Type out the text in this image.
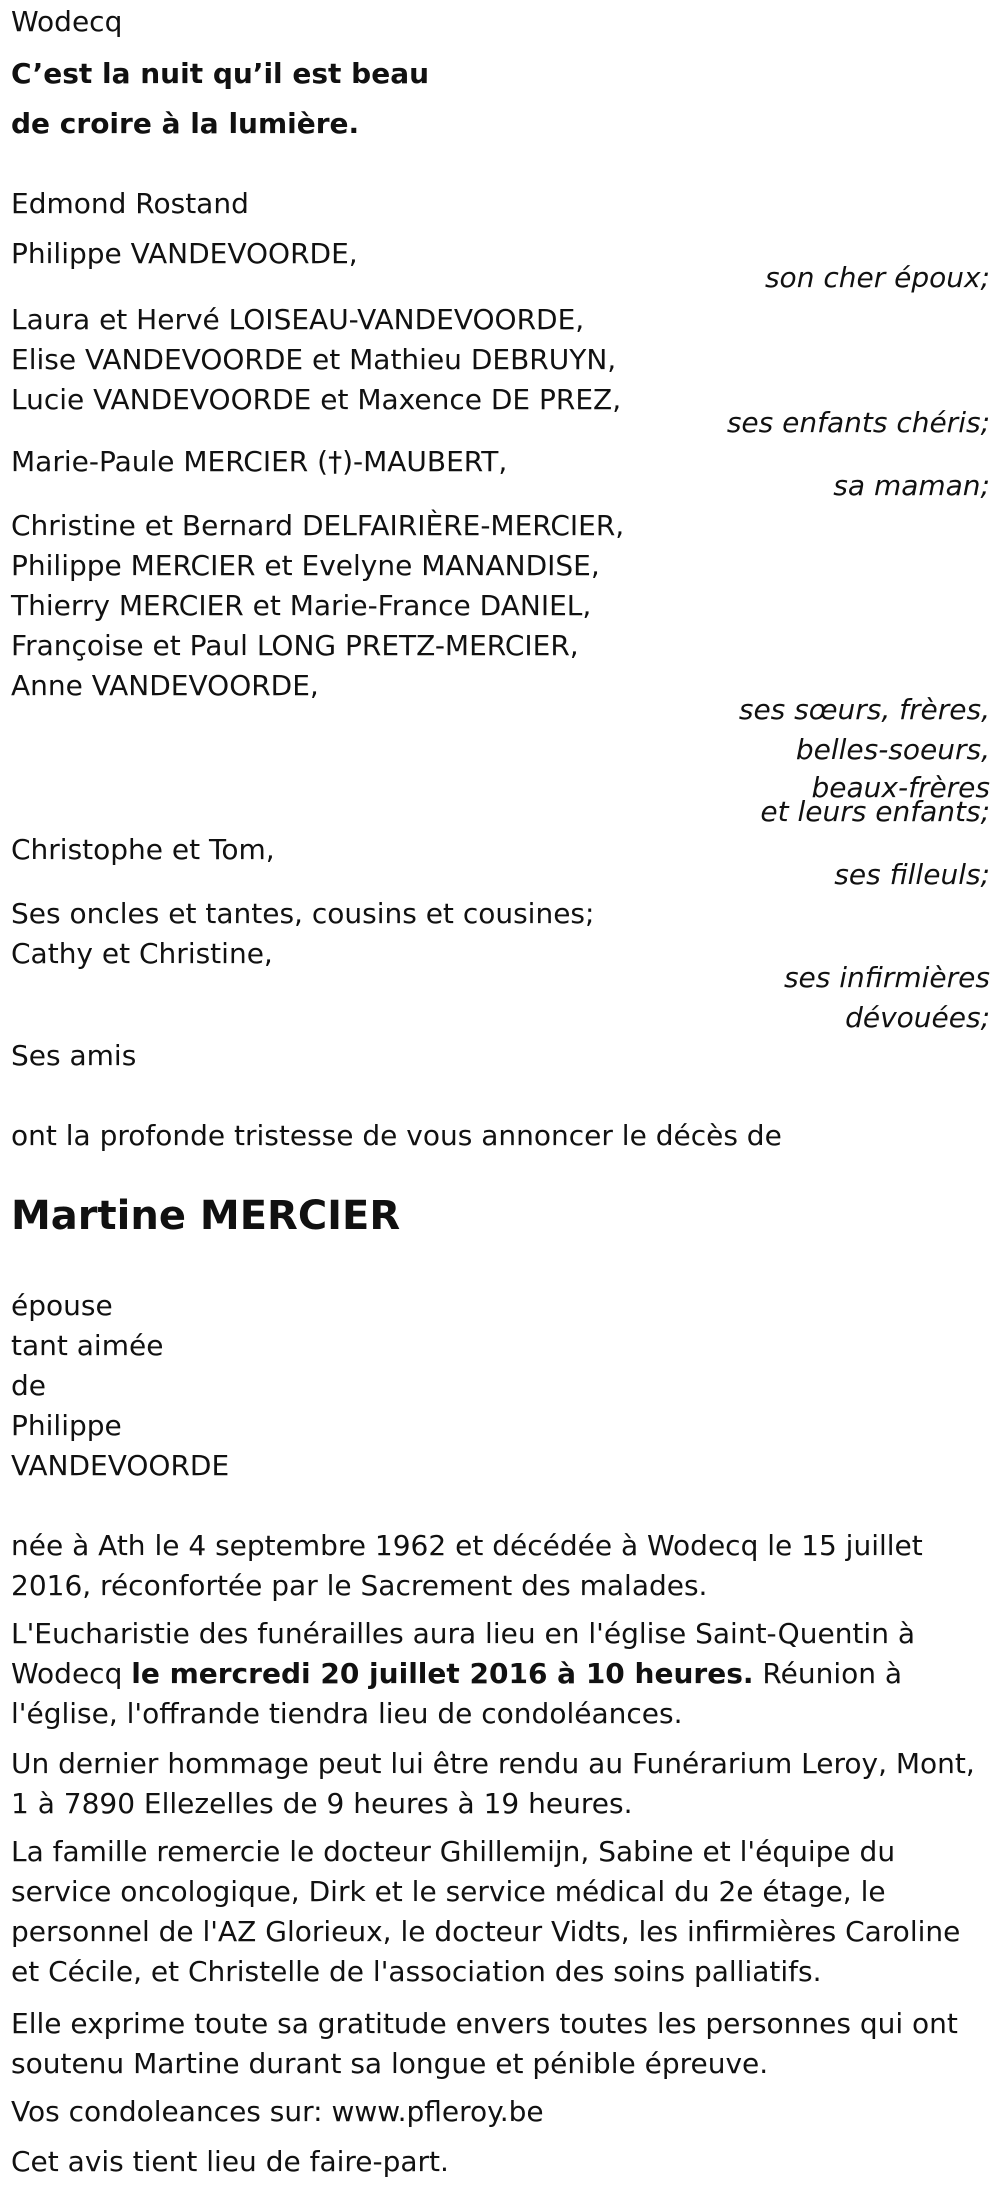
Wodecq
C’est la nuit qu’il est beau
de croire à la lumière.
Edmond Rostand
Philippe VANDEVOORDE,
son cher époux;
Laura et Hervé LOISEAU-VANDEVOORDE,
Elise VANDEVOORDE et Mathieu DEBRUYN,
Lucie VANDEVOORDE et Maxence DE PREZ,
ses enfants chéris;
Marie-Paule MERCIER (†)-MAUBERT,
sa maman;
Christine et Bernard DELFAIRIÈRE-MERCIER,
Philippe MERCIER et Evelyne MANANDISE,
Thierry MERCIER et Marie-France DANIEL,
Françoise et Paul LONG PRETZ-MERCIER,
Anne VANDEVOORDE,
ses sœurs, frères,
belles-soeurs,
beaux-frères
et leurs enfants;
Christophe et Tom,
ses filleuls;
Ses oncles et tantes, cousins et cousines;
Cathy et Christine,
ses infirmières
dévouées;
Ses amis
ont la profonde tristesse de vous annoncer le décès de
Martine MERCIER
épouse
tant aimée
de
Philippe
VANDEVOORDE
née à Ath le 4 septembre 1962 et décédée à Wodecq le 15 juillet 2016, réconfortée par le Sacrement des malades.
L'Eucharistie des funérailles aura lieu en l'église Saint-Quentin à Wodecq le mercredi 20 juillet 2016 à 10 heures. Réunion à l'église, l'offrande tiendra lieu de condoléances.
Un dernier hommage peut lui être rendu au Funérarium Leroy, Mont, 1 à 7890 Ellezelles de 9 heures à 19 heures.
La famille remercie le docteur Ghillemijn, Sabine et l'équipe du service oncologique, Dirk et le service médical du 2e étage, le personnel de l'AZ Glorieux, le docteur Vidts, les infirmières Caroline et Cécile, et Christelle de l'association des soins palliatifs.
Elle exprime toute sa gratitude envers toutes les personnes qui ont soutenu Martine durant sa longue et pénible épreuve.
Vos condoleances sur: www.pfleroy.be
Cet avis tient lieu de faire-part.
